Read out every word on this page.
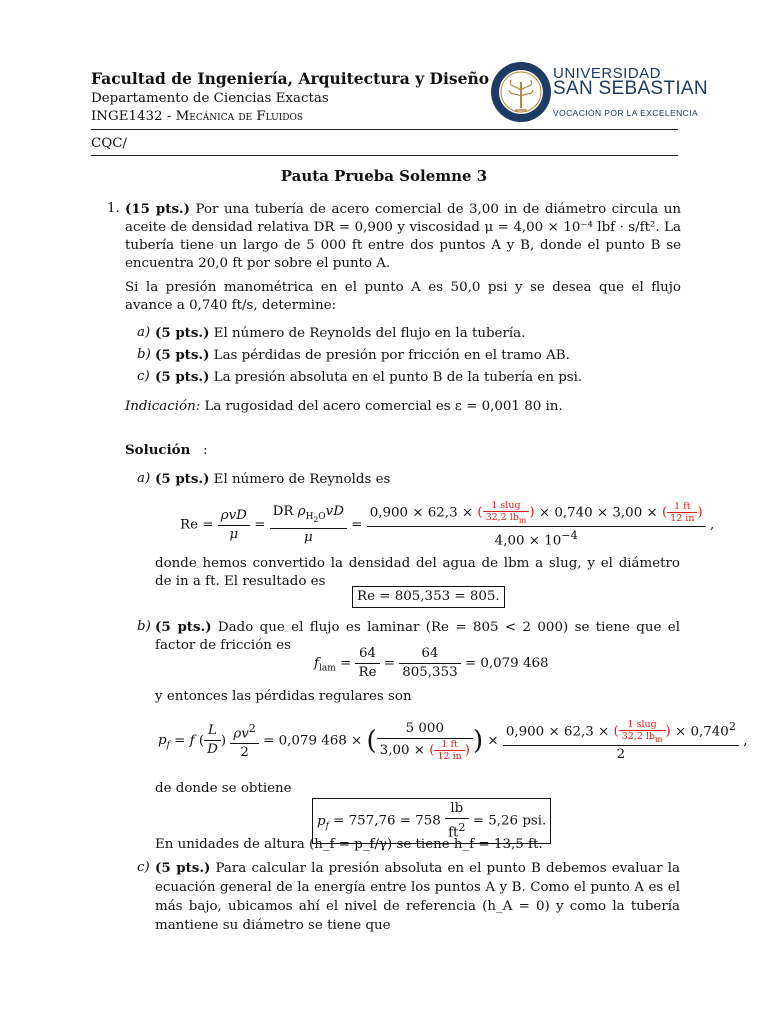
Facultad de Ingeniería, Arquitectura y Diseño
Departamento de Ciencias Exactas
INGE1432 - Mecánica de Fluidos
UNIVERSIDAD
SAN SEBASTIAN
VOCACIÓN POR LA EXCELENCIA
CQC/
Pauta Prueba Solemne 3
1. (15 pts.) Por una tubería de acero comercial de 3,00 in de diámetro circula un aceite de densidad relativa DR = 0,900 y viscosidad μ = 4,00 × 10⁻⁴ lbf · s/ft². La tubería tiene un largo de 5 000 ft entre dos puntos A y B, donde el punto B se encuentra 20,0 ft por sobre el punto A.
Si la presión manométrica en el punto A es 50,0 psi y se desea que el flujo avance a 0,740 ft/s, determine:
a) (5 pts.) El número de Reynolds del flujo en la tubería.
b) (5 pts.) Las pérdidas de presión por fricción en el tramo AB.
c) (5 pts.) La presión absoluta en el punto B de la tubería en psi.
Indicación: La rugosidad del acero comercial es ε = 0,001 80 in.
Solución :
a) (5 pts.) El número de Reynolds es
$Re = \frac{\text{ρvD}}{\mu} = \frac{DR \rho_{H_2O}vD}{\mu} = \frac{0,900 \times 62,3 \times ( \frac{\text{1 slug}}{32,2 lb_m} ) \times 0,740 \times 3,00 \times ( \frac{1 ft}{12 in} )}{4,00 \times 10^{-4}}$ ,
donde hemos convertido la densidad del agua de lbm a slug, y el diámetro de in a ft. El resultado es
Re = 805,353 = 805.
b) (5 pts.) Dado que el flujo es laminar (Re = 805 < 2 000) se tiene que el factor de fricción es
$f_{lam} = \frac{64}{Re} = \frac{64}{805,353} = 0,079$ 468
y entonces las pérdidas regulares son
$p_f = f$ ( $\frac{L}{D}$ ) $\frac{\rho v^2}{2} = 0,079$ 468 × ( $\frac{5 000}{3,00 \times ( \frac{1 ft}{12 in} )}$ ) × $\frac{0,900 \times 62,3 \times ( \frac{\text{1 slug}}{32,2 lb_m} ) \times 0,740^2}{2}$ ,
de donde se obtiene
$p_f = 757,76 = 758 \frac{lb}{ft^2} = 5,26$ psi.
En unidades de altura (h_f = p_f/γ) se tiene h_f = 13,5 ft.
c) (5 pts.) Para calcular la presión absoluta en el punto B debemos evaluar la ecuación general de la energía entre los puntos A y B. Como el punto A es el más bajo, ubicamos ahí el nivel de referencia (h_A = 0) y como la tubería mantiene su diámetro se tiene que
